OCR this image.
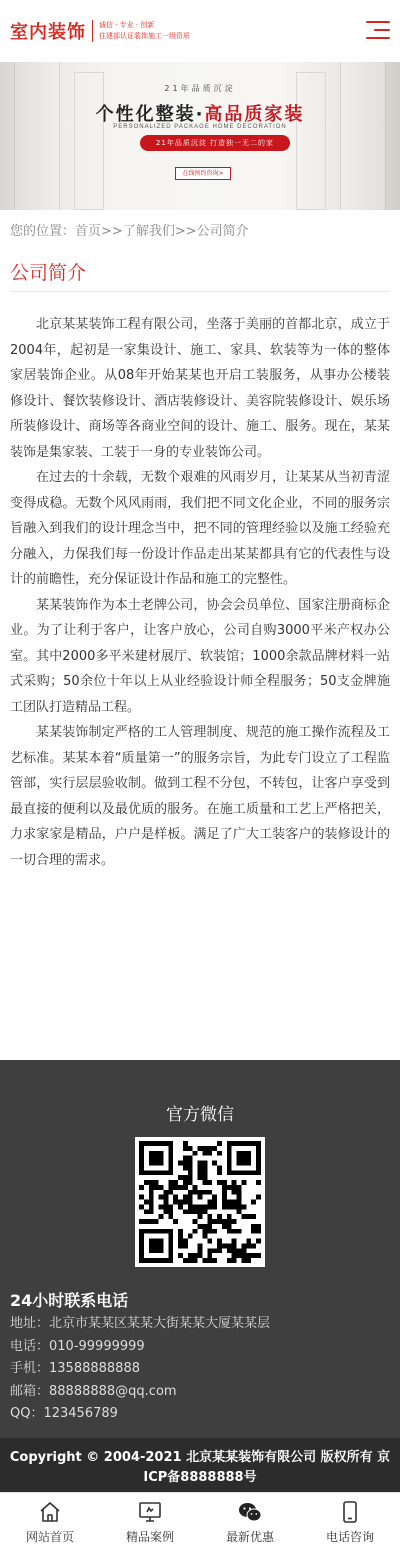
室内装饰 诚信 · 专业 · 创新
住建部认证装饰施工一级资质
21年品质沉淀
个性化整装·高品质家装
PERSONALIZED PACKAGE HOME DECORATION
21年品质沉淀 打造独一无二的家
在线预约咨询>
您的位置：首页>>了解我们>>公司简介
公司简介

北京某某装饰工程有限公司，坐落于美丽的首都北京，成立于2004年，起初是一家集设计、施工、家具、软装等为一体的整体家居装饰企业。从08年开始某某也开启工装服务，从事办公楼装修设计、餐饮装修设计、酒店装修设计、美容院装修设计、娱乐场所装修设计、商场等各商业空间的设计、施工、服务。现在，某某装饰是集家装、工装于一身的专业装饰公司。

在过去的十余载，无数个艰难的风雨岁月，让某某从当初青涩变得成稳。无数个风风雨雨，我们把不同文化企业，不同的服务宗旨融入到我们的设计理念当中，把不同的管理经验以及施工经验充分融入，力保我们每一份设计作品走出某某都具有它的代表性与设计的前瞻性，充分保证设计作品和施工的完整性。

某某装饰作为本土老牌公司，协会会员单位、国家注册商标企业。为了让利于客户，让客户放心，公司自购3000平米产权办公室。其中2000多平米建材展厅、软装馆；1000余款品牌材料一站式采购；50余位十年以上从业经验设计师全程服务；50支金牌施工团队打造精品工程。

某某装饰制定严格的工人管理制度、规范的施工操作流程及工艺标准。某某本着“质量第一”的服务宗旨，为此专门设立了工程监管部，实行层层验收制。做到工程不分包，不转包，让客户享受到最直接的便利以及最优质的服务。在施工质量和工艺上严格把关，力求家家是精品，户户是样板。满足了广大工装客户的装修设计的一切合理的需求。

官方微信
24小时联系电话
地址：北京市某某区某某大街某某大厦某某层
电话：010-99999999
手机：13588888888
邮箱：88888888@qq.com
QQ：123456789
Copyright © 2004-2021 北京某某装饰有限公司 版权所有 京ICP备8888888号
网站首页	精品案例	最新优惠	电话咨询
